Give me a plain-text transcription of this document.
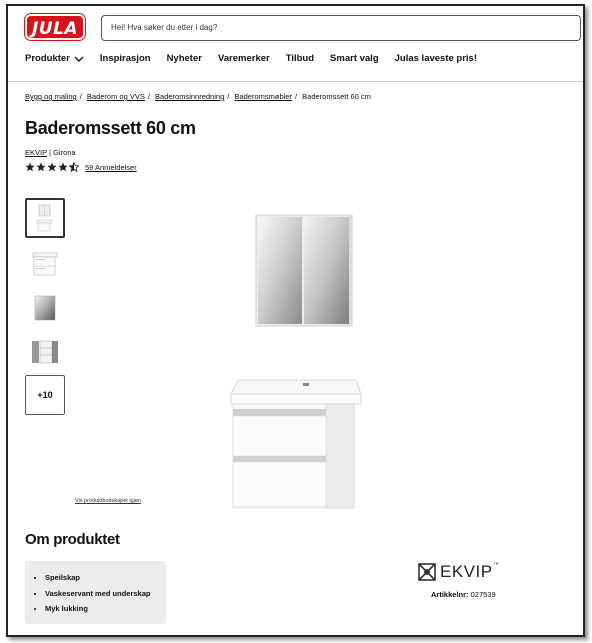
JULA	Hei! Hva søker du etter i dag?
Produkter	Inspirasjon Nyheter Varemerker Tilbud Smart valg Julas laveste pris!
Bygg og maling / Baderom og VVS / Baderomsinnredning / Baderomsmøbler / Baderomssett 60 cm
Baderomssett 60 cm
EKVIP | Girona
59 Anmeldelser
+10
Vis produktbudskapet igjen
Om produktet
• Speilskap
• Vaskeservant med underskap
• Myk lukking
EKVIP™
Artikkelnr: 027539
